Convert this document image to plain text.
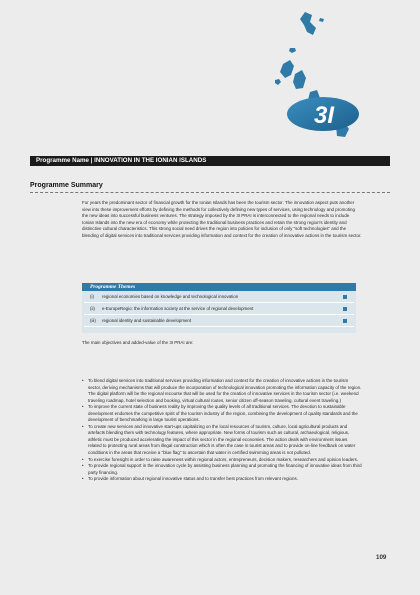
3I
Programme Name | INNOVATION IN THE IONIAN ISLANDS
Programme Summary

For years the predominant sector of financial growth for the Ionian Islands has been the tourism sector. The innovation aspect puts another view into these improvement efforts by defining the methods for collectively defining new types of services, using technology and promoting the new ideas into successful business ventures. The strategy imposed by the 3I PRAI is interconnected to the regional needs to include Ionian Islands into the new era of economy while protecting the traditional business practices and retain the strong region's identity and distinctive cultural characteristics. This strong social need drives the region into policies for inclusion of only "soft technologies" and the blending of digital services into traditional services providing information and context for the creation of innovative actions in the tourism sector.

Programme Themes
(i) regional economies based on knowledge and technological innovation
(ii) e-EuropeRegio: the information society at the service of regional development
(iii) regional identity and sustainable development

The main objectives and added-value of the 3I PRAI are:

• To blend digital services into traditional services providing information and context for the creation of innovative actions in the tourism sector, deriving mechanisms that will produce the incorporation of technological innovation promoting the information capacity of the region. The digital platform will be the regional recourse that will be used for the creation of innovative services in the tourism sector (i.e. weekend traveling roadmap, hotel selection and booking, virtual cultural routes, senior citizen off-season traveling, cultural event traveling.)
• To improve the current state of business reality by improving the quality levels of all traditional services. The devotion to sustainable development endorses the competitive spirit of the tourism industry of the region, combining the development of quality standards and the development of benchmarking in large tourist operations.
• To create new services and innovative start-ups capitalizing on the local resources of tourism, culture, local agricultural products and artefacts blending them with technology features, where appropriate. New forms of tourism such as cultural, archaeological, religious, athletic must be produced accelerating the impact of this sector in the regional economies. The action deals with environment issues related to protecting rural areas from illegal construction which is often the case in tourist areas and to provide on-line feedback on water conditions in the areas that receive a "blue flag" to ascertain that water in certified swimming areas is not polluted.
• To exercise foresight in order to raise awareness within regional actors, entrepreneurs, decision makers, researchers and opinion leaders.
• To provide regional support in the innovation cycle by assisting business planning and promoting the financing of innovative ideas from third party financing.
• To provide information about regional innovative status and to transfer best practices from relevant regions.
109
